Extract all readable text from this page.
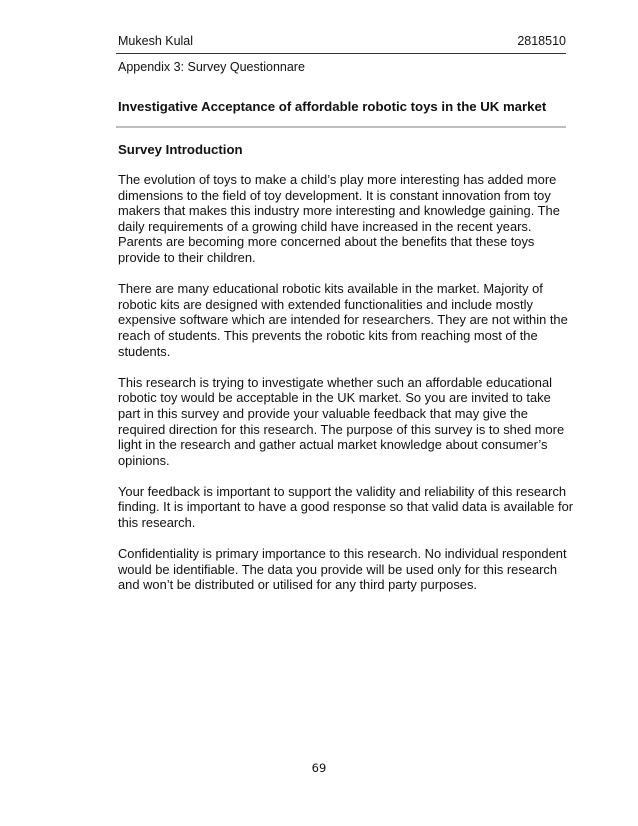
Mukesh Kulal	2818510
Appendix 3: Survey Questionnare
Investigative Acceptance of affordable robotic toys in the UK market
Survey Introduction

The evolution of toys to make a child’s play more interesting has added more
dimensions to the field of toy development. It is constant innovation from toy
makers that makes this industry more interesting and knowledge gaining. The
daily requirements of a growing child have increased in the recent years.
Parents are becoming more concerned about the benefits that these toys
provide to their children.

There are many educational robotic kits available in the market. Majority of
robotic kits are designed with extended functionalities and include mostly
expensive software which are intended for researchers. They are not within the
reach of students. This prevents the robotic kits from reaching most of the
students.

This research is trying to investigate whether such an affordable educational
robotic toy would be acceptable in the UK market. So you are invited to take
part in this survey and provide your valuable feedback that may give the
required direction for this research. The purpose of this survey is to shed more
light in the research and gather actual market knowledge about consumer’s
opinions.

Your feedback is important to support the validity and reliability of this research
finding. It is important to have a good response so that valid data is available for
this research.

Confidentiality is primary importance to this research. No individual respondent
would be identifiable. The data you provide will be used only for this research
and won’t be distributed or utilised for any third party purposes.

69
